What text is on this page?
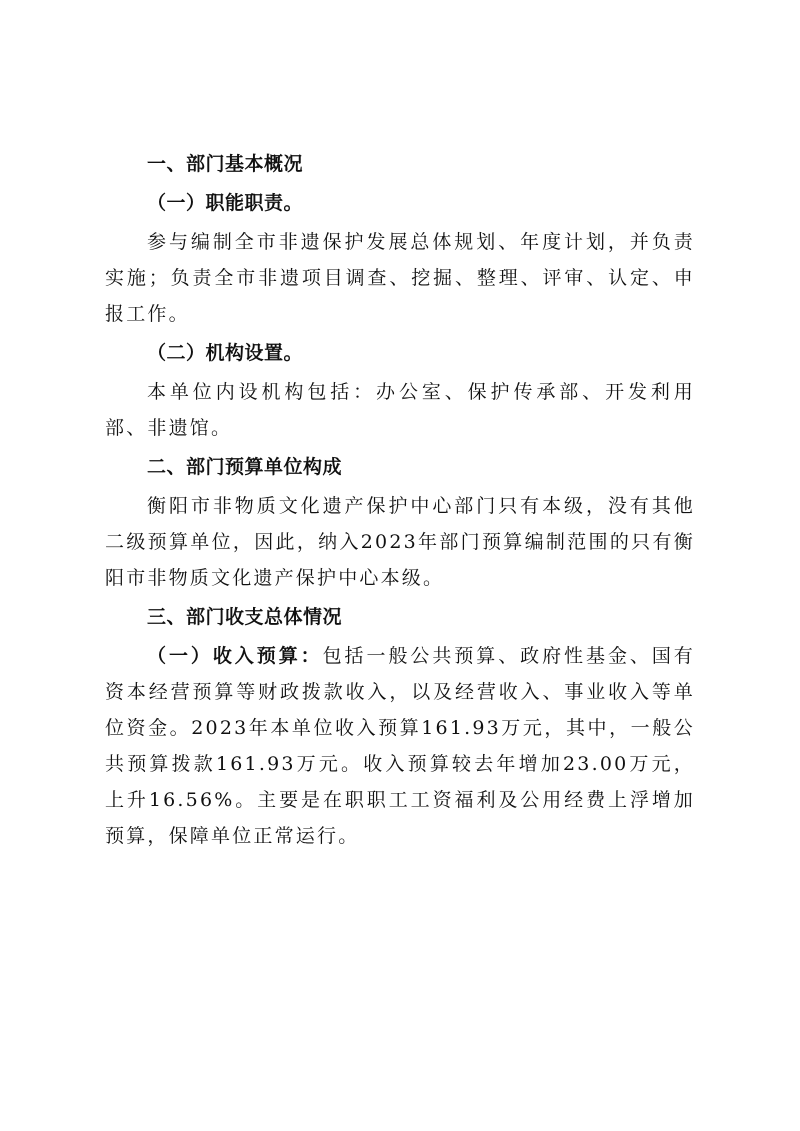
一、部门基本概况

（一）职能职责。

参与编制全市非遗保护发展总体规划、年度计划，并负责实施；负责全市非遗项目调查、挖掘、整理、评审、认定、申报工作。

（二）机构设置。

本单位内设机构包括：办公室、保护传承部、开发利用部、非遗馆。

二、部门预算单位构成

衡阳市非物质文化遗产保护中心部门只有本级，没有其他二级预算单位，因此，纳入2023年部门预算编制范围的只有衡阳市非物质文化遗产保护中心本级。

三、部门收支总体情况

（一）收入预算：包括一般公共预算、政府性基金、国有资本经营预算等财政拨款收入，以及经营收入、事业收入等单位资金。2023年本单位收入预算161.93万元，其中，一般公共预算拨款161.93万元。收入预算较去年增加23.00万元，上升16.56%。主要是在职职工工资福利及公用经费上浮增加预算，保障单位正常运行。
